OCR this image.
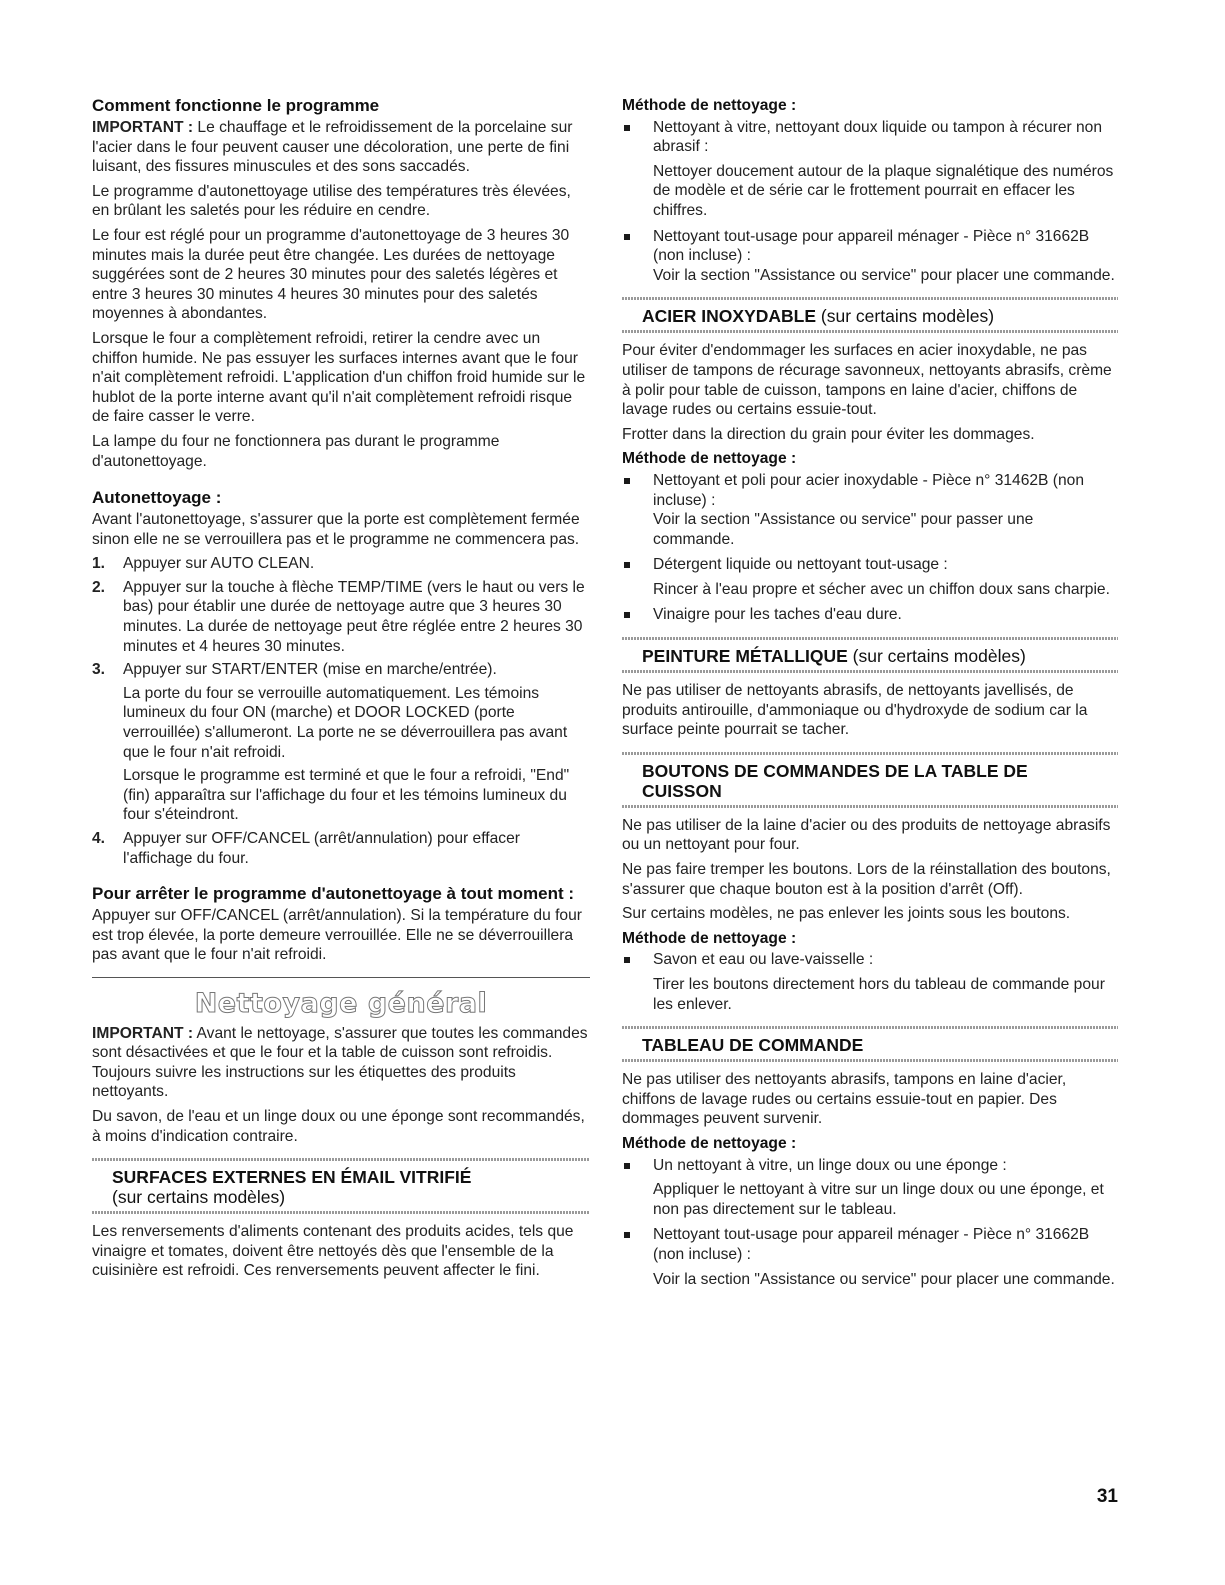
Comment fonctionne le programme

IMPORTANT : Le chauffage et le refroidissement de la porcelaine sur l'acier dans le four peuvent causer une décoloration, une perte de fini luisant, des fissures minuscules et des sons saccadés.

Le programme d'autonettoyage utilise des températures très élevées, en brûlant les saletés pour les réduire en cendre.

Le four est réglé pour un programme d'autonettoyage de 3 heures 30 minutes mais la durée peut être changée. Les durées de nettoyage suggérées sont de 2 heures 30 minutes pour des saletés légères et entre 3 heures 30 minutes 4 heures 30 minutes pour des saletés moyennes à abondantes.

Lorsque le four a complètement refroidi, retirer la cendre avec un chiffon humide. Ne pas essuyer les surfaces internes avant que le four n'ait complètement refroidi. L'application d'un chiffon froid humide sur le hublot de la porte interne avant qu'il n'ait complètement refroidi risque de faire casser le verre.

La lampe du four ne fonctionnera pas durant le programme d'autonettoyage.

Autonettoyage :

Avant l'autonettoyage, s'assurer que la porte est complètement fermée sinon elle ne se verrouillera pas et le programme ne commencera pas.

1. Appuyer sur AUTO CLEAN.
2. Appuyer sur la touche à flèche TEMP/TIME (vers le haut ou vers le bas) pour établir une durée de nettoyage autre que 3 heures 30 minutes. La durée de nettoyage peut être réglée entre 2 heures 30 minutes et 4 heures 30 minutes.
3. Appuyer sur START/ENTER (mise en marche/entrée).
La porte du four se verrouille automatiquement. Les témoins lumineux du four ON (marche) et DOOR LOCKED (porte verrouillée) s'allumeront. La porte ne se déverrouillera pas avant que le four n'ait refroidi.
Lorsque le programme est terminé et que le four a refroidi, "End" (fin) apparaîtra sur l'affichage du four et les témoins lumineux du four s'éteindront.
4. Appuyer sur OFF/CANCEL (arrêt/annulation) pour effacer l'affichage du four.
Pour arrêter le programme d'autonettoyage à tout moment :

Appuyer sur OFF/CANCEL (arrêt/annulation). Si la température du four est trop élevée, la porte demeure verrouillée. Elle ne se déverrouillera pas avant que le four n'ait refroidi.

Nettoyage général

IMPORTANT : Avant le nettoyage, s'assurer que toutes les commandes sont désactivées et que le four et la table de cuisson sont refroidis. Toujours suivre les instructions sur les étiquettes des produits nettoyants.

Du savon, de l'eau et un linge doux ou une éponge sont recommandés, à moins d'indication contraire.

SURFACES EXTERNES EN ÉMAIL VITRIFIÉ
(sur certains modèles)

Les renversements d'aliments contenant des produits acides, tels que vinaigre et tomates, doivent être nettoyés dès que l'ensemble de la cuisinière est refroidi. Ces renversements peuvent affecter le fini.

Méthode de nettoyage :
Nettoyant à vitre, nettoyant doux liquide ou tampon à récurer non abrasif :
Nettoyer doucement autour de la plaque signalétique des numéros de modèle et de série car le frottement pourrait en effacer les chiffres.
Nettoyant tout-usage pour appareil ménager - Pièce n° 31662B (non incluse) :
Voir la section "Assistance ou service" pour placer une commande.
ACIER INOXYDABLE (sur certains modèles)

Pour éviter d'endommager les surfaces en acier inoxydable, ne pas utiliser de tampons de récurage savonneux, nettoyants abrasifs, crème à polir pour table de cuisson, tampons en laine d'acier, chiffons de lavage rudes ou certains essuie-tout.

Frotter dans la direction du grain pour éviter les dommages.

Méthode de nettoyage :
Nettoyant et poli pour acier inoxydable - Pièce n° 31462B (non incluse) :
Voir la section "Assistance ou service" pour passer une commande.
Détergent liquide ou nettoyant tout-usage :
Rincer à l'eau propre et sécher avec un chiffon doux sans charpie.
Vinaigre pour les taches d'eau dure.
PEINTURE MÉTALLIQUE (sur certains modèles)

Ne pas utiliser de nettoyants abrasifs, de nettoyants javellisés, de produits antirouille, d'ammoniaque ou d'hydroxyde de sodium car la surface peinte pourrait se tacher.

BOUTONS DE COMMANDES DE LA TABLE DE CUISSON

Ne pas utiliser de la laine d'acier ou des produits de nettoyage abrasifs ou un nettoyant pour four.

Ne pas faire tremper les boutons. Lors de la réinstallation des boutons, s'assurer que chaque bouton est à la position d'arrêt (Off).

Sur certains modèles, ne pas enlever les joints sous les boutons.

Méthode de nettoyage :
Savon et eau ou lave-vaisselle :
Tirer les boutons directement hors du tableau de commande pour les enlever.
TABLEAU DE COMMANDE

Ne pas utiliser des nettoyants abrasifs, tampons en laine d'acier, chiffons de lavage rudes ou certains essuie-tout en papier. Des dommages peuvent survenir.

Méthode de nettoyage :
Un nettoyant à vitre, un linge doux ou une éponge :
Appliquer le nettoyant à vitre sur un linge doux ou une éponge, et non pas directement sur le tableau.
Nettoyant tout-usage pour appareil ménager - Pièce n° 31662B (non incluse) :
Voir la section "Assistance ou service" pour placer une commande.
31
